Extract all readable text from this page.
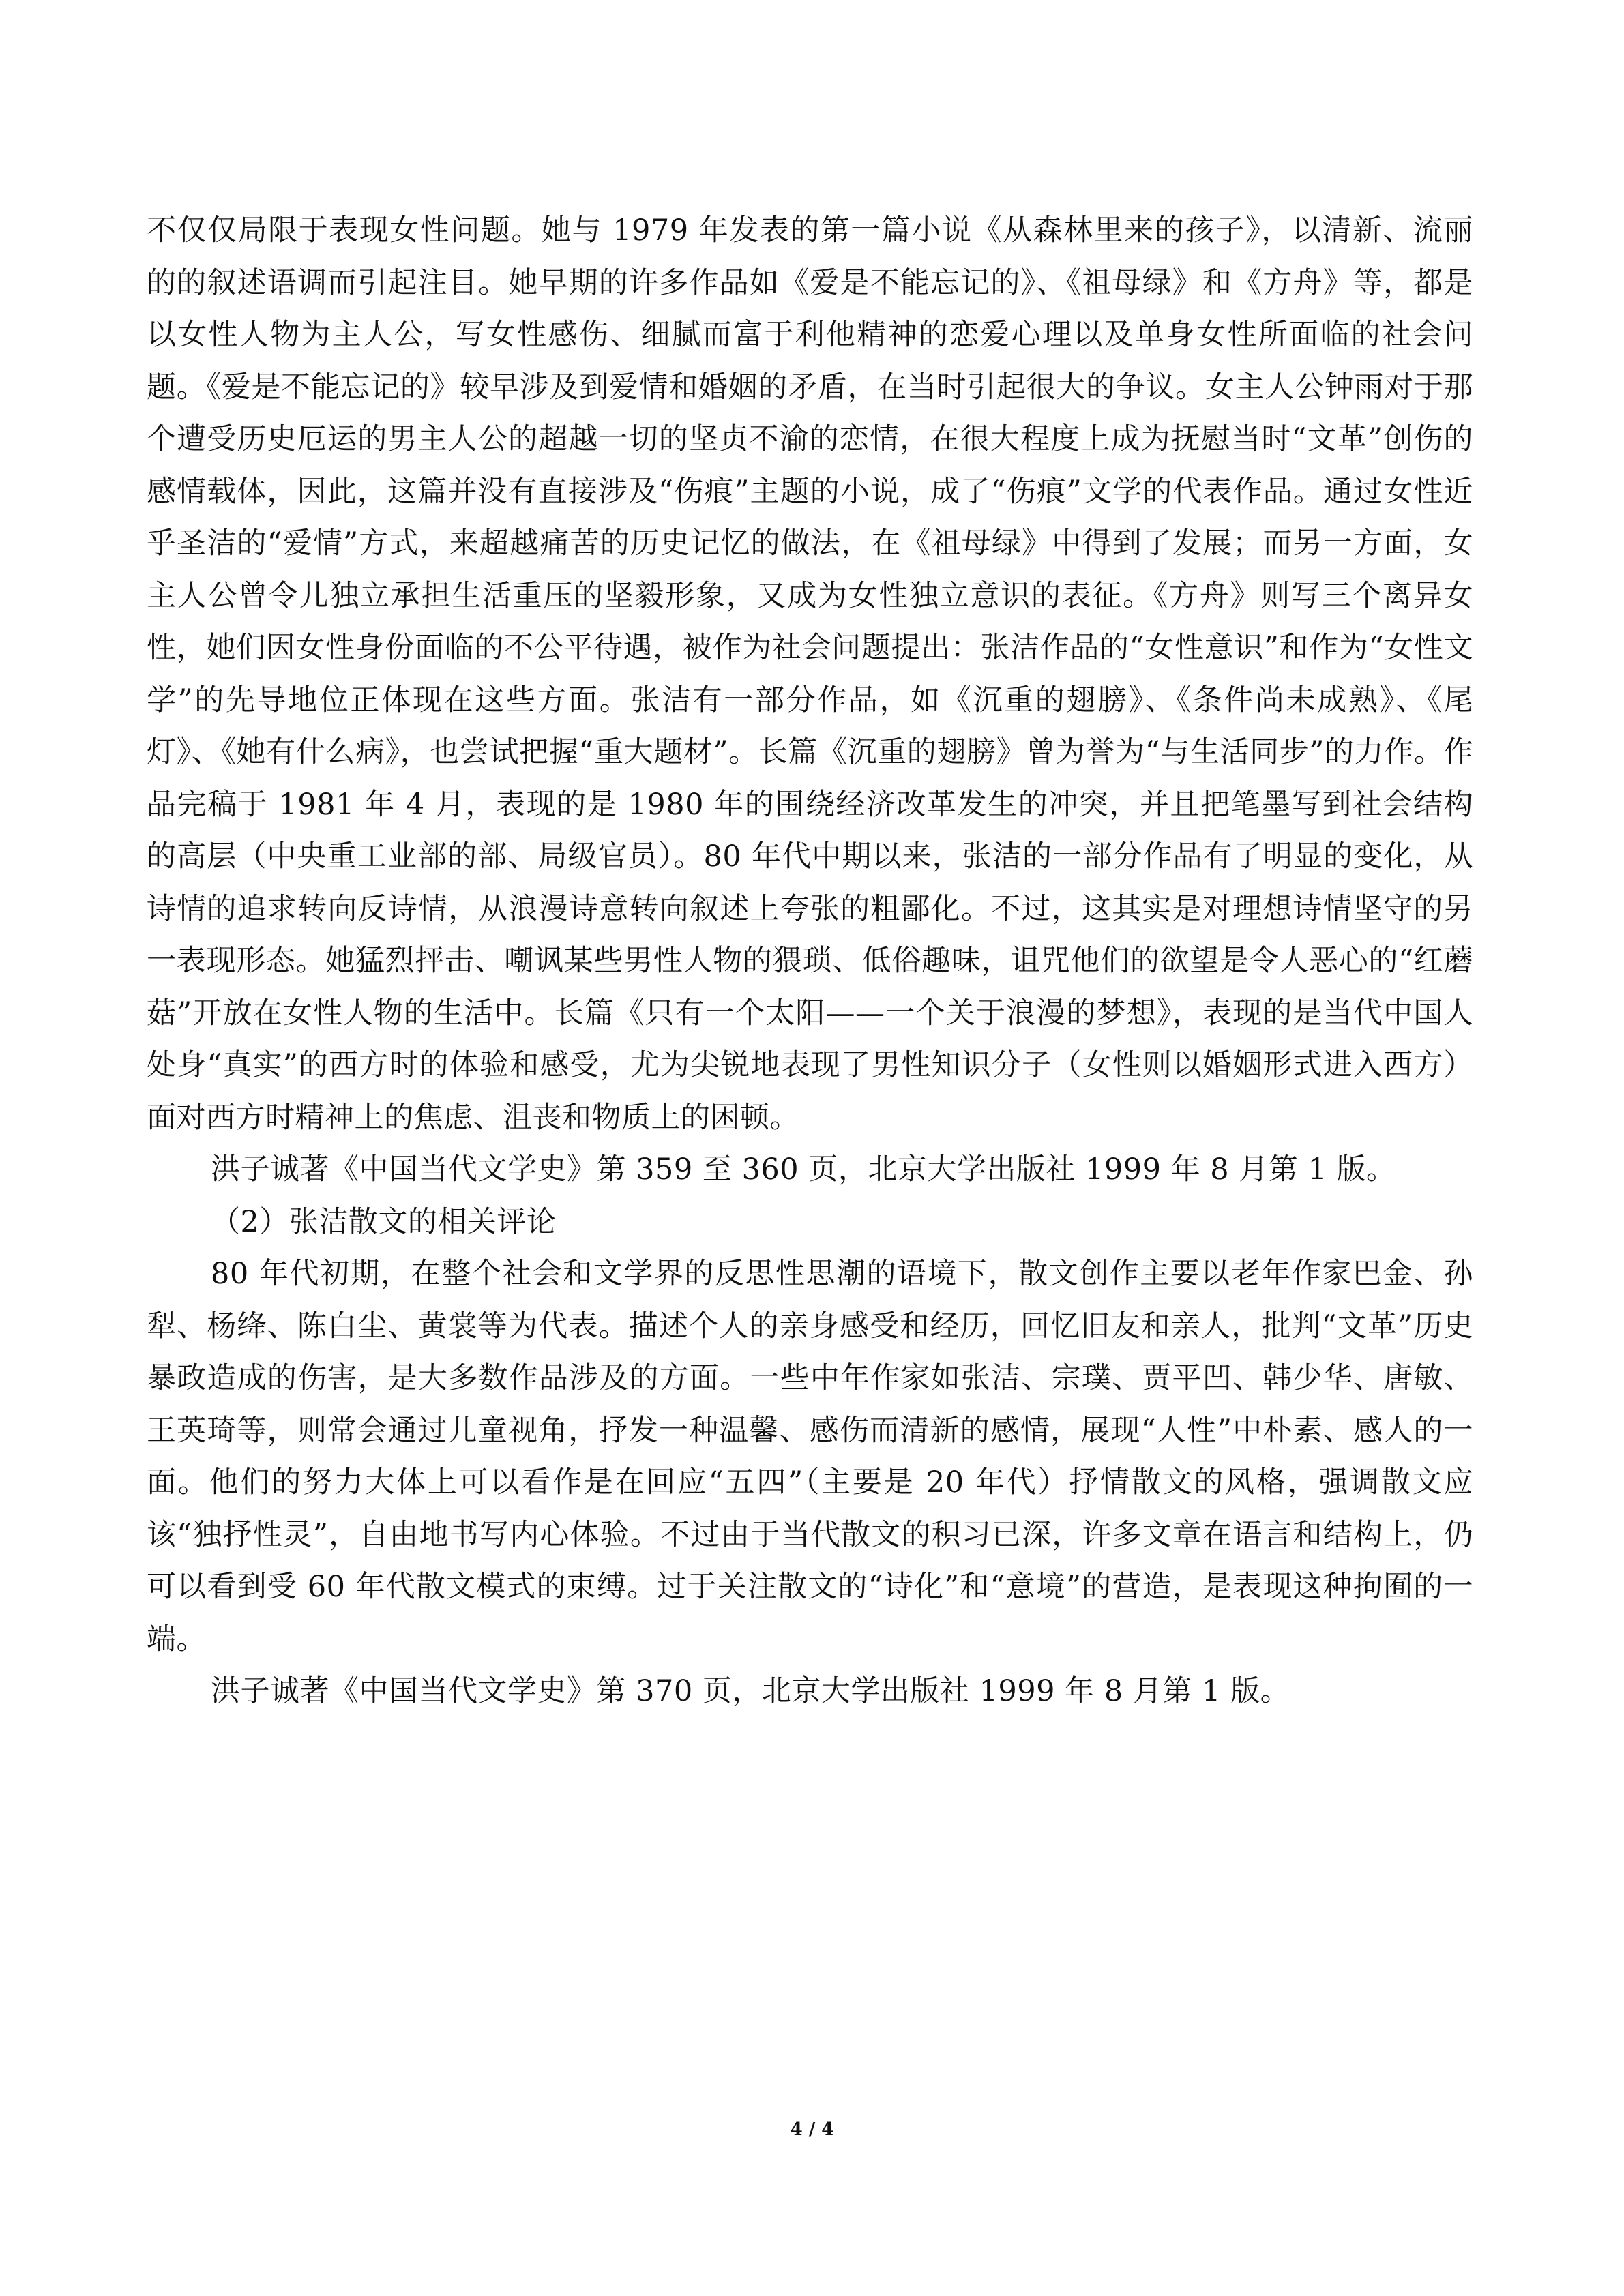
不仅仅局限于表现女性问题。她与 1979 年发表的第一篇小说《从森林里来的孩子》，以清新、流丽的的叙述语调而引起注目。她早期的许多作品如《爱是不能忘记的》、《祖母绿》和《方舟》等，都是以女性人物为主人公，写女性感伤、细腻而富于利他精神的恋爱心理以及单身女性所面临的社会问题。《爱是不能忘记的》较早涉及到爱情和婚姻的矛盾，在当时引起很大的争议。女主人公钟雨对于那个遭受历史厄运的男主人公的超越一切的坚贞不渝的恋情，在很大程度上成为抚慰当时“文革”创伤的感情载体，因此，这篇并没有直接涉及“伤痕”主题的小说，成了“伤痕”文学的代表作品。通过女性近乎圣洁的“爱情”方式，来超越痛苦的历史记忆的做法，在《祖母绿》中得到了发展；而另一方面，女主人公曾令儿独立承担生活重压的坚毅形象，又成为女性独立意识的表征。《方舟》则写三个离异女性，她们因女性身份面临的不公平待遇，被作为社会问题提出：张洁作品的“女性意识”和作为“女性文学”的先导地位正体现在这些方面。张洁有一部分作品，如《沉重的翅膀》、《条件尚未成熟》、《尾灯》、《她有什么病》，也尝试把握“重大题材”。长篇《沉重的翅膀》曾为誉为“与生活同步”的力作。作品完稿于 1981 年 4 月，表现的是 1980 年的围绕经济改革发生的冲突，并且把笔墨写到社会结构的高层（中央重工业部的部、局级官员）。80 年代中期以来，张洁的一部分作品有了明显的变化，从诗情的追求转向反诗情，从浪漫诗意转向叙述上夸张的粗鄙化。不过，这其实是对理想诗情坚守的另一表现形态。她猛烈抨击、嘲讽某些男性人物的猥琐、低俗趣味，诅咒他们的欲望是令人恶心的“红蘑菇”开放在女性人物的生活中。长篇《只有一个太阳——一个关于浪漫的梦想》，表现的是当代中国人处身“真实”的西方时的体验和感受，尤为尖锐地表现了男性知识分子（女性则以婚姻形式进入西方）面对西方时精神上的焦虑、沮丧和物质上的困顿。

洪子诚著《中国当代文学史》第 359 至 360 页，北京大学出版社 1999 年 8 月第 1 版。

（2）张洁散文的相关评论

80 年代初期，在整个社会和文学界的反思性思潮的语境下，散文创作主要以老年作家巴金、孙犁、杨绛、陈白尘、黄裳等为代表。描述个人的亲身感受和经历，回忆旧友和亲人，批判“文革”历史暴政造成的伤害，是大多数作品涉及的方面。一些中年作家如张洁、宗璞、贾平凹、韩少华、唐敏、王英琦等，则常会通过儿童视角，抒发一种温馨、感伤而清新的感情，展现“人性”中朴素、感人的一面。他们的努力大体上可以看作是在回应“五四”（主要是 20 年代）抒情散文的风格，强调散文应该“独抒性灵”，自由地书写内心体验。不过由于当代散文的积习已深，许多文章在语言和结构上，仍可以看到受 60 年代散文模式的束缚。过于关注散文的“诗化”和“意境”的营造，是表现这种拘囿的一端。

洪子诚著《中国当代文学史》第 370 页，北京大学出版社 1999 年 8 月第 1 版。

4 / 4
